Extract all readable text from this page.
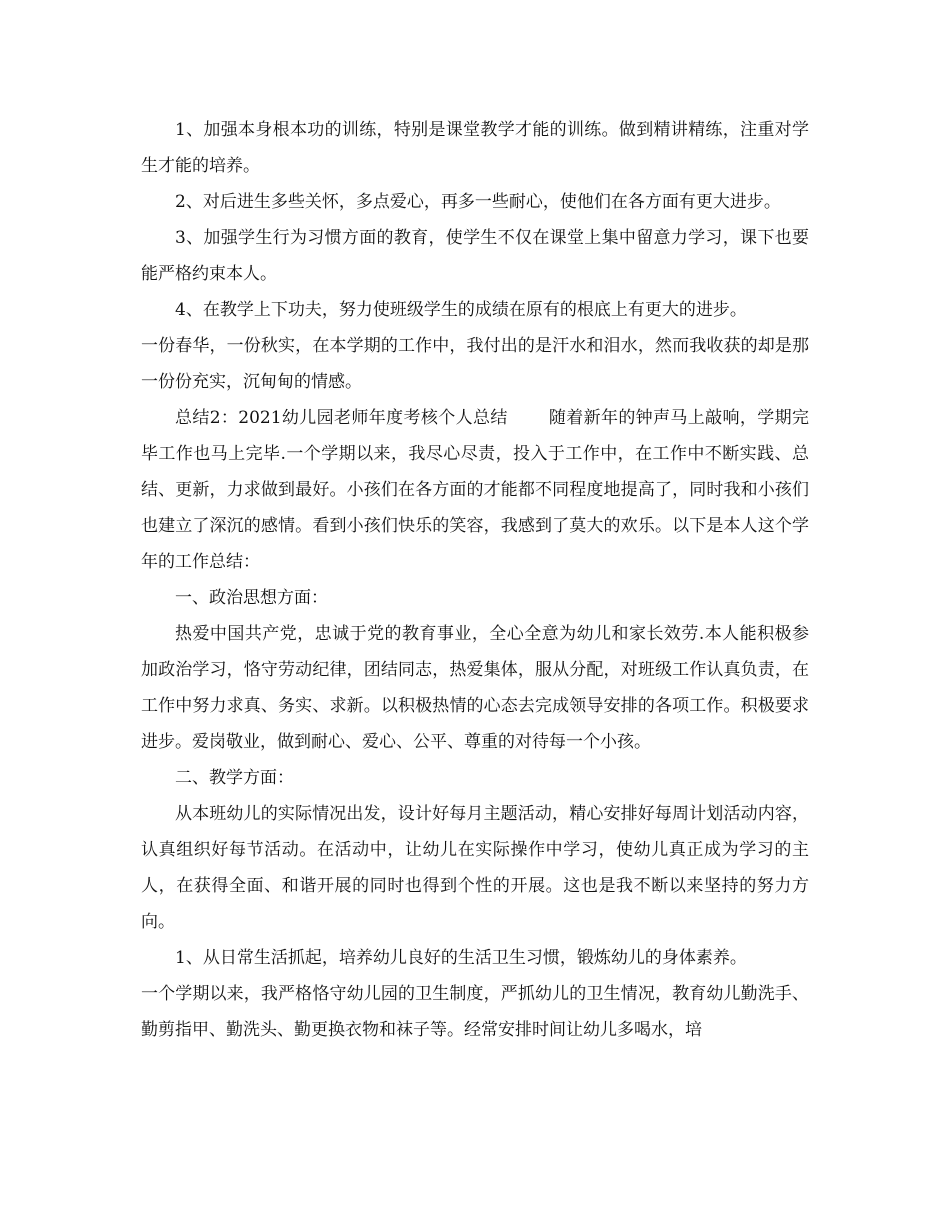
1、加强本身根本功的训练，特别是课堂教学才能的训练。做到精讲精练，注重对学生才能的培养。

2、对后进生多些关怀，多点爱心，再多一些耐心，使他们在各方面有更大进步。

3、加强学生行为习惯方面的教育，使学生不仅在课堂上集中留意力学习，课下也要能严格约束本人。

4、在教学上下功夫，努力使班级学生的成绩在原有的根底上有更大的进步。

一份春华，一份秋实，在本学期的工作中，我付出的是汗水和泪水，然而我收获的却是那一份份充实，沉甸甸的情感。

总结2：2021幼儿园老师年度考核个人总结 随着新年的钟声马上敲响，学期完毕工作也马上完毕.一个学期以来，我尽心尽责，投入于工作中，在工作中不断实践、总结、更新，力求做到最好。小孩们在各方面的才能都不同程度地提高了，同时我和小孩们也建立了深沉的感情。看到小孩们快乐的笑容，我感到了莫大的欢乐。以下是本人这个学年的工作总结：

一、政治思想方面：

热爱中国共产党，忠诚于党的教育事业，全心全意为幼儿和家长效劳.本人能积极参加政治学习，恪守劳动纪律，团结同志，热爱集体，服从分配，对班级工作认真负责，在工作中努力求真、务实、求新。以积极热情的心态去完成领导安排的各项工作。积极要求进步。爱岗敬业，做到耐心、爱心、公平、尊重的对待每一个小孩。

二、教学方面：

从本班幼儿的实际情况出发，设计好每月主题活动，精心安排好每周计划活动内容，认真组织好每节活动。在活动中，让幼儿在实际操作中学习，使幼儿真正成为学习的主人，在获得全面、和谐开展的同时也得到个性的开展。这也是我不断以来坚持的努力方向。

1、从日常生活抓起，培养幼儿良好的生活卫生习惯，锻炼幼儿的身体素养。

一个学期以来，我严格恪守幼儿园的卫生制度，严抓幼儿的卫生情况，教育幼儿勤洗手、勤剪指甲、勤洗头、勤更换衣物和袜子等。经常安排时间让幼儿多喝水，培
